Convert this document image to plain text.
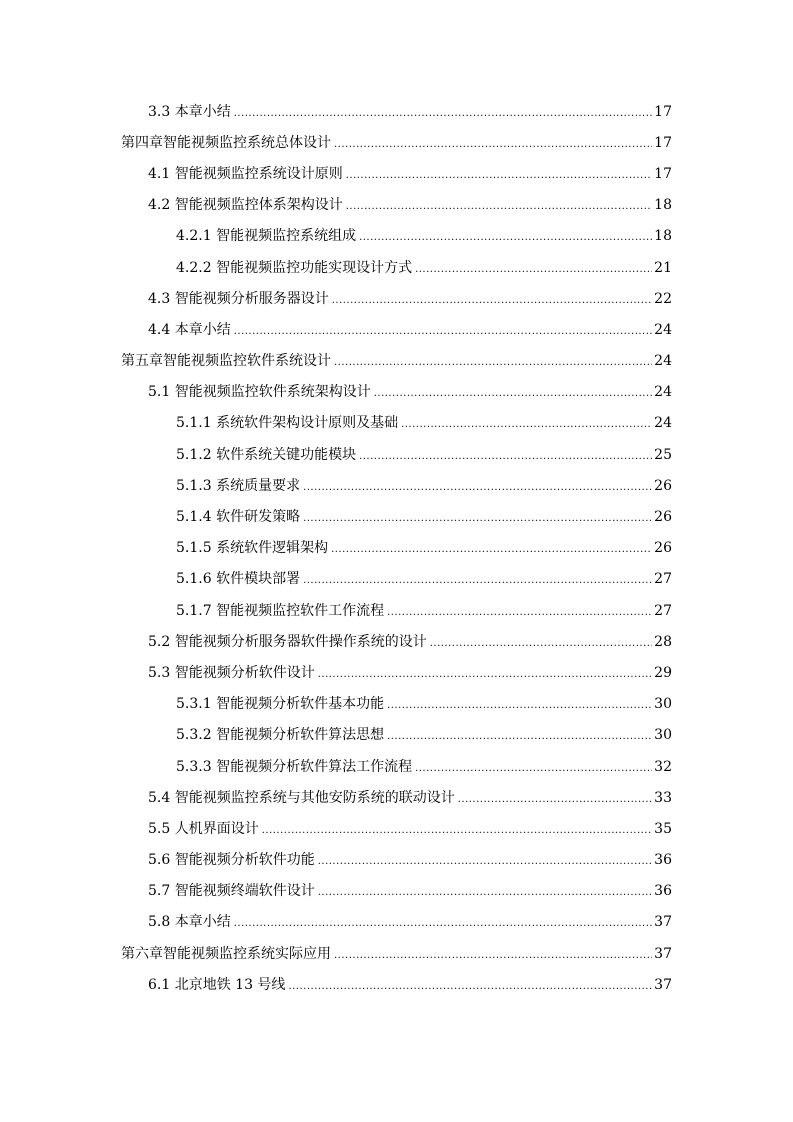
3.3 本章小结 .....	17
第四章智能视频监控系统总体设计 .....	17
4.1 智能视频监控系统设计原则 .....	17
4.2 智能视频监控体系架构设计 .....	18
4.2.1 智能视频监控系统组成 .....	18
4.2.2 智能视频监控功能实现设计方式 .....	21
4.3 智能视频分析服务器设计 .....	22
4.4 本章小结 .....	24
第五章智能视频监控软件系统设计 .....	24
5.1 智能视频监控软件系统架构设计 .....	24
5.1.1 系统软件架构设计原则及基础 .....	24
5.1.2 软件系统关键功能模块 .....	25
5.1.3 系统质量要求 .....	26
5.1.4 软件研发策略 .....	26
5.1.5 系统软件逻辑架构 .....	26
5.1.6 软件模块部署 .....	27
5.1.7 智能视频监控软件工作流程 .....	27
5.2 智能视频分析服务器软件操作系统的设计 .....	28
5.3 智能视频分析软件设计 .....	29
5.3.1 智能视频分析软件基本功能 .....	30
5.3.2 智能视频分析软件算法思想 .....	30
5.3.3 智能视频分析软件算法工作流程 .....	32
5.4 智能视频监控系统与其他安防系统的联动设计 .....	33
5.5 人机界面设计 .....	35
5.6 智能视频分析软件功能 .....	36
5.7 智能视频终端软件设计 .....	36
5.8 本章小结 .....	37
第六章智能视频监控系统实际应用 .....	37
6.1 北京地铁 13 号线 .....	37
